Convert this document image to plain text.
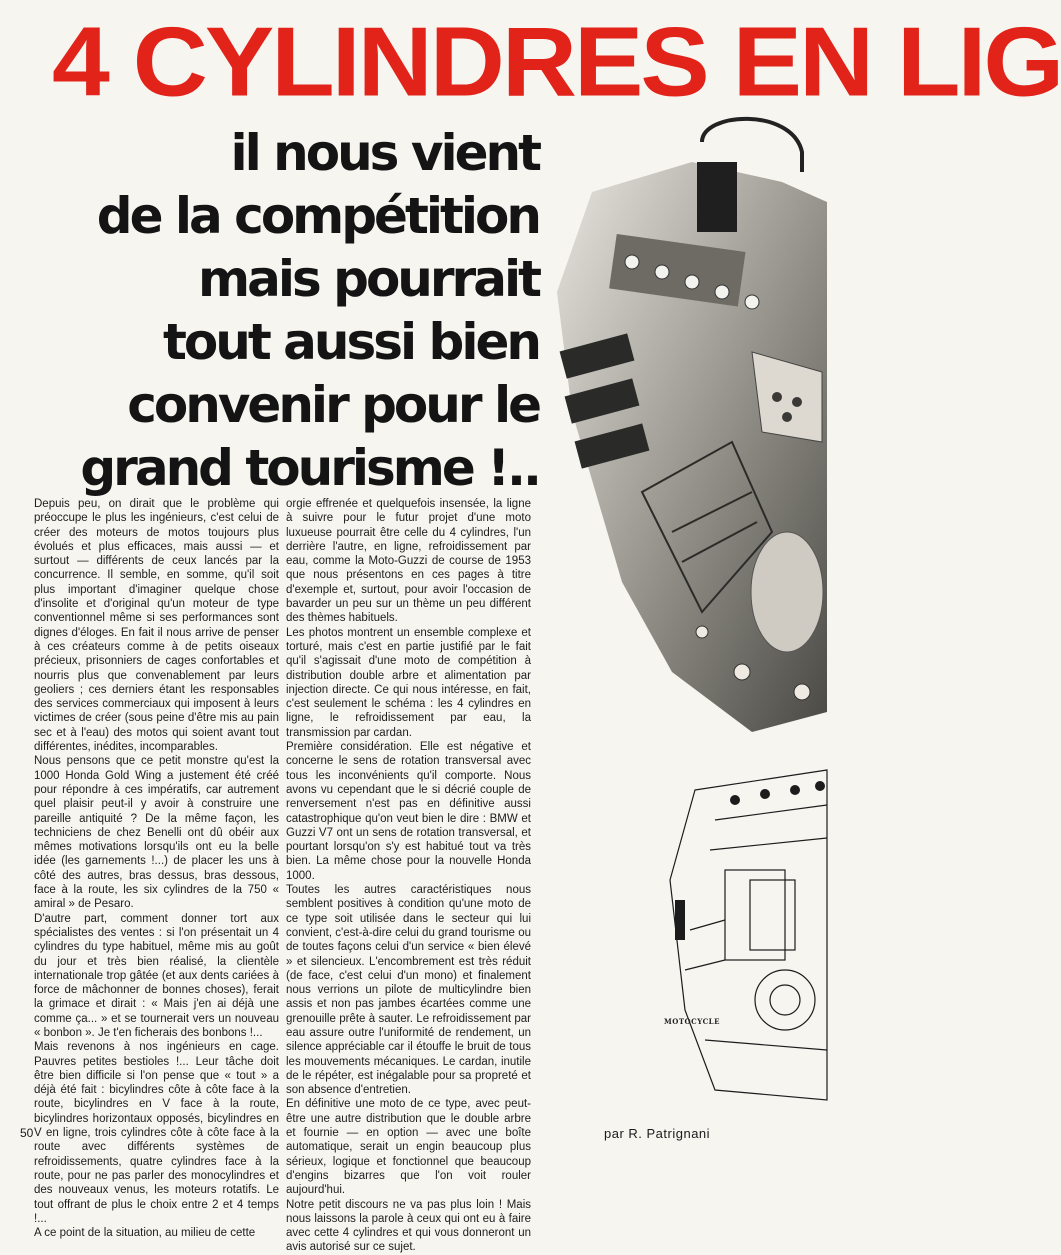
4 CYLINDRES EN LIG
il nous vient
de la compétition
mais pourrait
tout aussi bien
convenir pour le
grand tourisme !..
MOTOCYCLE

Depuis peu, on dirait que le problème qui préoccupe le plus les ingénieurs, c'est celui de créer des moteurs de motos toujours plus évolués et plus efficaces, mais aussi — et surtout — différents de ceux lancés par la concurrence. Il semble, en somme, qu'il soit plus important d'imaginer quelque chose d'insolite et d'original qu'un moteur de type conventionnel même si ses performances sont dignes d'éloges. En fait il nous arrive de penser à ces créateurs comme à de petits oiseaux précieux, prisonniers de cages confortables et nourris plus que convenablement par leurs geoliers ; ces derniers étant les responsables des services commerciaux qui imposent à leurs victimes de créer (sous peine d'être mis au pain sec et à l'eau) des motos qui soient avant tout différentes, inédites, incomparables.

Nous pensons que ce petit monstre qu'est la 1000 Honda Gold Wing a justement été créé pour répondre à ces impératifs, car autrement quel plaisir peut-il y avoir à construire une pareille antiquité ? De la même façon, les techniciens de chez Benelli ont dû obéir aux mêmes motivations lorsqu'ils ont eu la belle idée (les garnements !...) de placer les uns à côté des autres, bras dessus, bras dessous, face à la route, les six cylindres de la 750 « amiral » de Pesaro.

D'autre part, comment donner tort aux spécialistes des ventes : si l'on présentait un 4 cylindres du type habituel, même mis au goût du jour et très bien réalisé, la clientèle internationale trop gâtée (et aux dents cariées à force de mâchonner de bonnes choses), ferait la grimace et dirait : « Mais j'en ai déjà une comme ça... » et se tournerait vers un nouveau « bonbon ». Je t'en ficherais des bonbons !...

Mais revenons à nos ingénieurs en cage. Pauvres petites bestioles !... Leur tâche doit être bien difficile si l'on pense que « tout » a déjà été fait : bicylindres côte à côte face à la route, bicylindres en V face à la route, bicylindres horizontaux opposés, bicylindres en V en ligne, trois cylindres côte à côte face à la route avec différents systèmes de refroidissements, quatre cylindres face à la route, pour ne pas parler des monocylindres et des nouveaux venus, les moteurs rotatifs. Le tout offrant de plus le choix entre 2 et 4 temps !...

A ce point de la situation, au milieu de cette

orgie effrenée et quelquefois insensée, la ligne à suivre pour le futur projet d'une moto luxueuse pourrait être celle du 4 cylindres, l'un derrière l'autre, en ligne, refroidissement par eau, comme la Moto-Guzzi de course de 1953 que nous présentons en ces pages à titre d'exemple et, surtout, pour avoir l'occasion de bavarder un peu sur un thème un peu différent des thèmes habituels.

Les photos montrent un ensemble complexe et torturé, mais c'est en partie justifié par le fait qu'il s'agissait d'une moto de compétition à distribution double arbre et alimentation par injection directe. Ce qui nous intéresse, en fait, c'est seulement le schéma : les 4 cylindres en ligne, le refroidissement par eau, la transmission par cardan.

Première considération. Elle est négative et concerne le sens de rotation transversal avec tous les inconvénients qu'il comporte. Nous avons vu cependant que le si décrié couple de renversement n'est pas en définitive aussi catastrophique qu'on veut bien le dire : BMW et Guzzi V7 ont un sens de rotation transversal, et pourtant lorsqu'on s'y est habitué tout va très bien. La même chose pour la nouvelle Honda 1000.

Toutes les autres caractéristiques nous semblent positives à condition qu'une moto de ce type soit utilisée dans le secteur qui lui convient, c'est-à-dire celui du grand tourisme ou de toutes façons celui d'un service « bien élevé » et silencieux. L'encombrement est très réduit (de face, c'est celui d'un mono) et finalement nous verrions un pilote de multicylindre bien assis et non pas jambes écartées comme une grenouille prête à sauter. Le refroidissement par eau assure outre l'uniformité de rendement, un silence appréciable car il étouffe le bruit de tous les mouvements mécaniques. Le cardan, inutile de le répéter, est inégalable pour sa propreté et son absence d'entretien.

En définitive une moto de ce type, avec peut-être une autre distribution que le double arbre et fournie — en option — avec une boîte automatique, serait un engin beaucoup plus sérieux, logique et fonctionnel que beaucoup d'engins bizarres que l'on voit rouler aujourd'hui.

Notre petit discours ne va pas plus loin ! Mais nous laissons la parole à ceux qui ont eu à faire avec cette 4 cylindres et qui vous donneront un avis autorisé sur ce sujet.

50	par R. Patrignani
